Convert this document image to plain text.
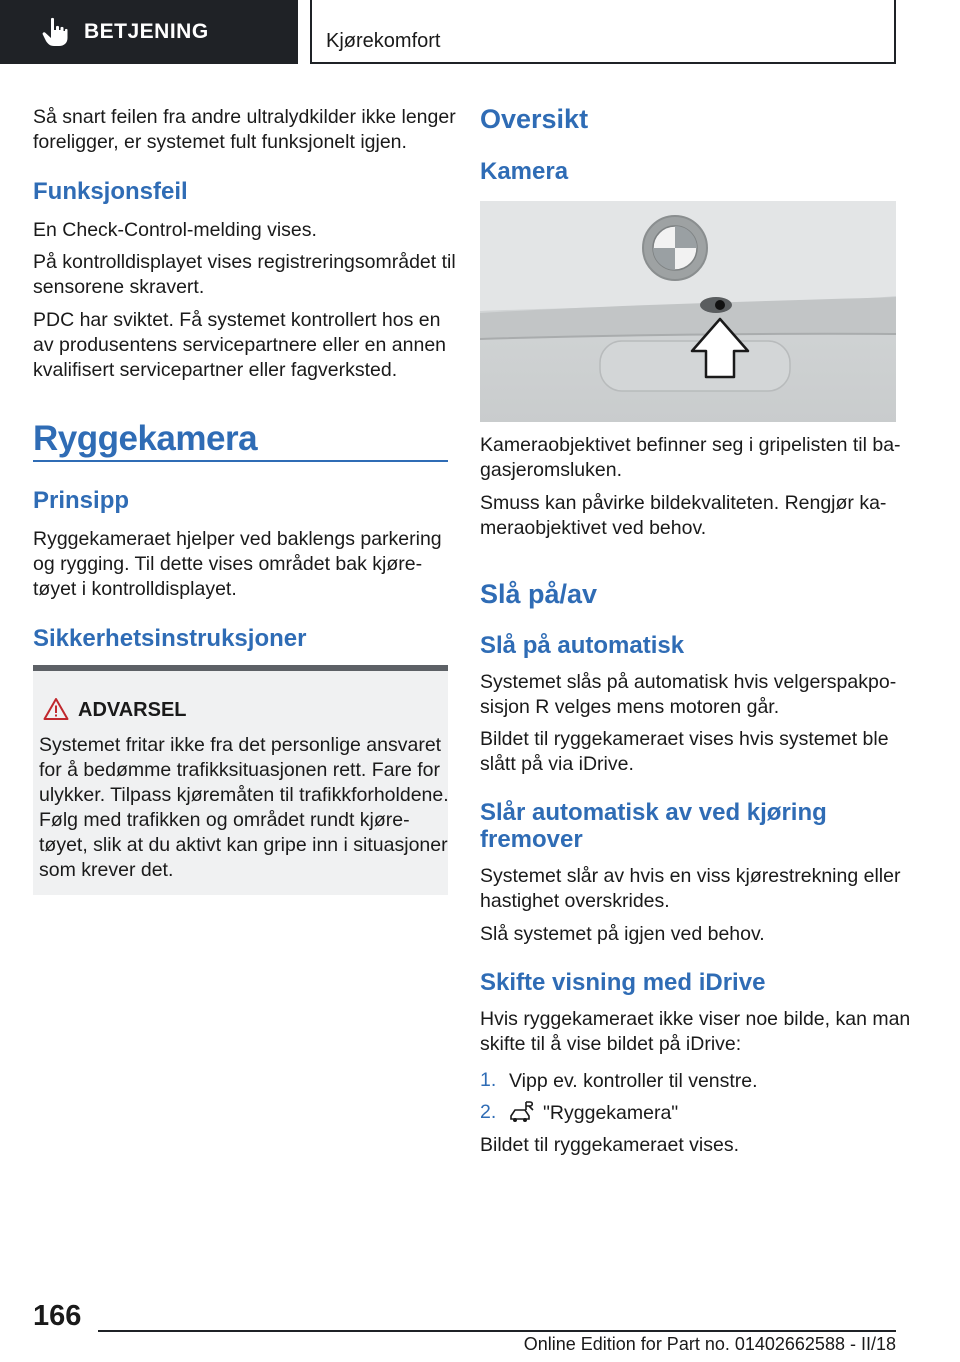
BETJENING	Kjørekomfort

Så snart feilen fra andre ultralydkilder ikke lenger

foreligger, er systemet fult funksjonelt igjen.

Funksjonsfeil

En Check-Control-melding vises.

På kontrolldisplayet vises registreringsområdet til

sensorene skravert.

PDC har sviktet. Få systemet kontrollert hos en

av produsentens servicepartnere eller en annen

kvalifisert servicepartner eller fagverksted.

Ryggekamera
Prinsipp

Ryggekameraet hjelper ved baklengs parkering

og rygging. Til dette vises området bak kjøre-

tøyet i kontrolldisplayet.

Sikkerhetsinstruksjoner
ADVARSEL

Systemet fritar ikke fra det personlige ansvaret

for å bedømme trafikksituasjonen rett. Fare for

ulykker. Tilpass kjøremåten til trafikkforholdene.

Følg med trafikken og området rundt kjøre-

tøyet, slik at du aktivt kan gripe inn i situasjoner

som krever det.

Oversikt
Kamera

Kameraobjektivet befinner seg i gripelisten til ba-

gasjeromsluken.

Smuss kan påvirke bildekvaliteten. Rengjør ka-

meraobjektivet ved behov.

Slå på/av
Slå på automatisk

Systemet slås på automatisk hvis velgerspakpo-

sisjon R velges mens motoren går.

Bildet til ryggekameraet vises hvis systemet ble

slått på via iDrive.

Slår automatisk av ved kjøring
fremover

Systemet slår av hvis en viss kjørestrekning eller

hastighet overskrides.

Slå systemet på igjen ved behov.

Skifte visning med iDrive

Hvis ryggekameraet ikke viser noe bilde, kan man

skifte til å vise bildet på iDrive:

1. Vipp ev. kontroller til venstre.

2. "Ryggekamera"

Bildet til ryggekameraet vises.

166
Online Edition for Part no. 01402662588 - II/18
